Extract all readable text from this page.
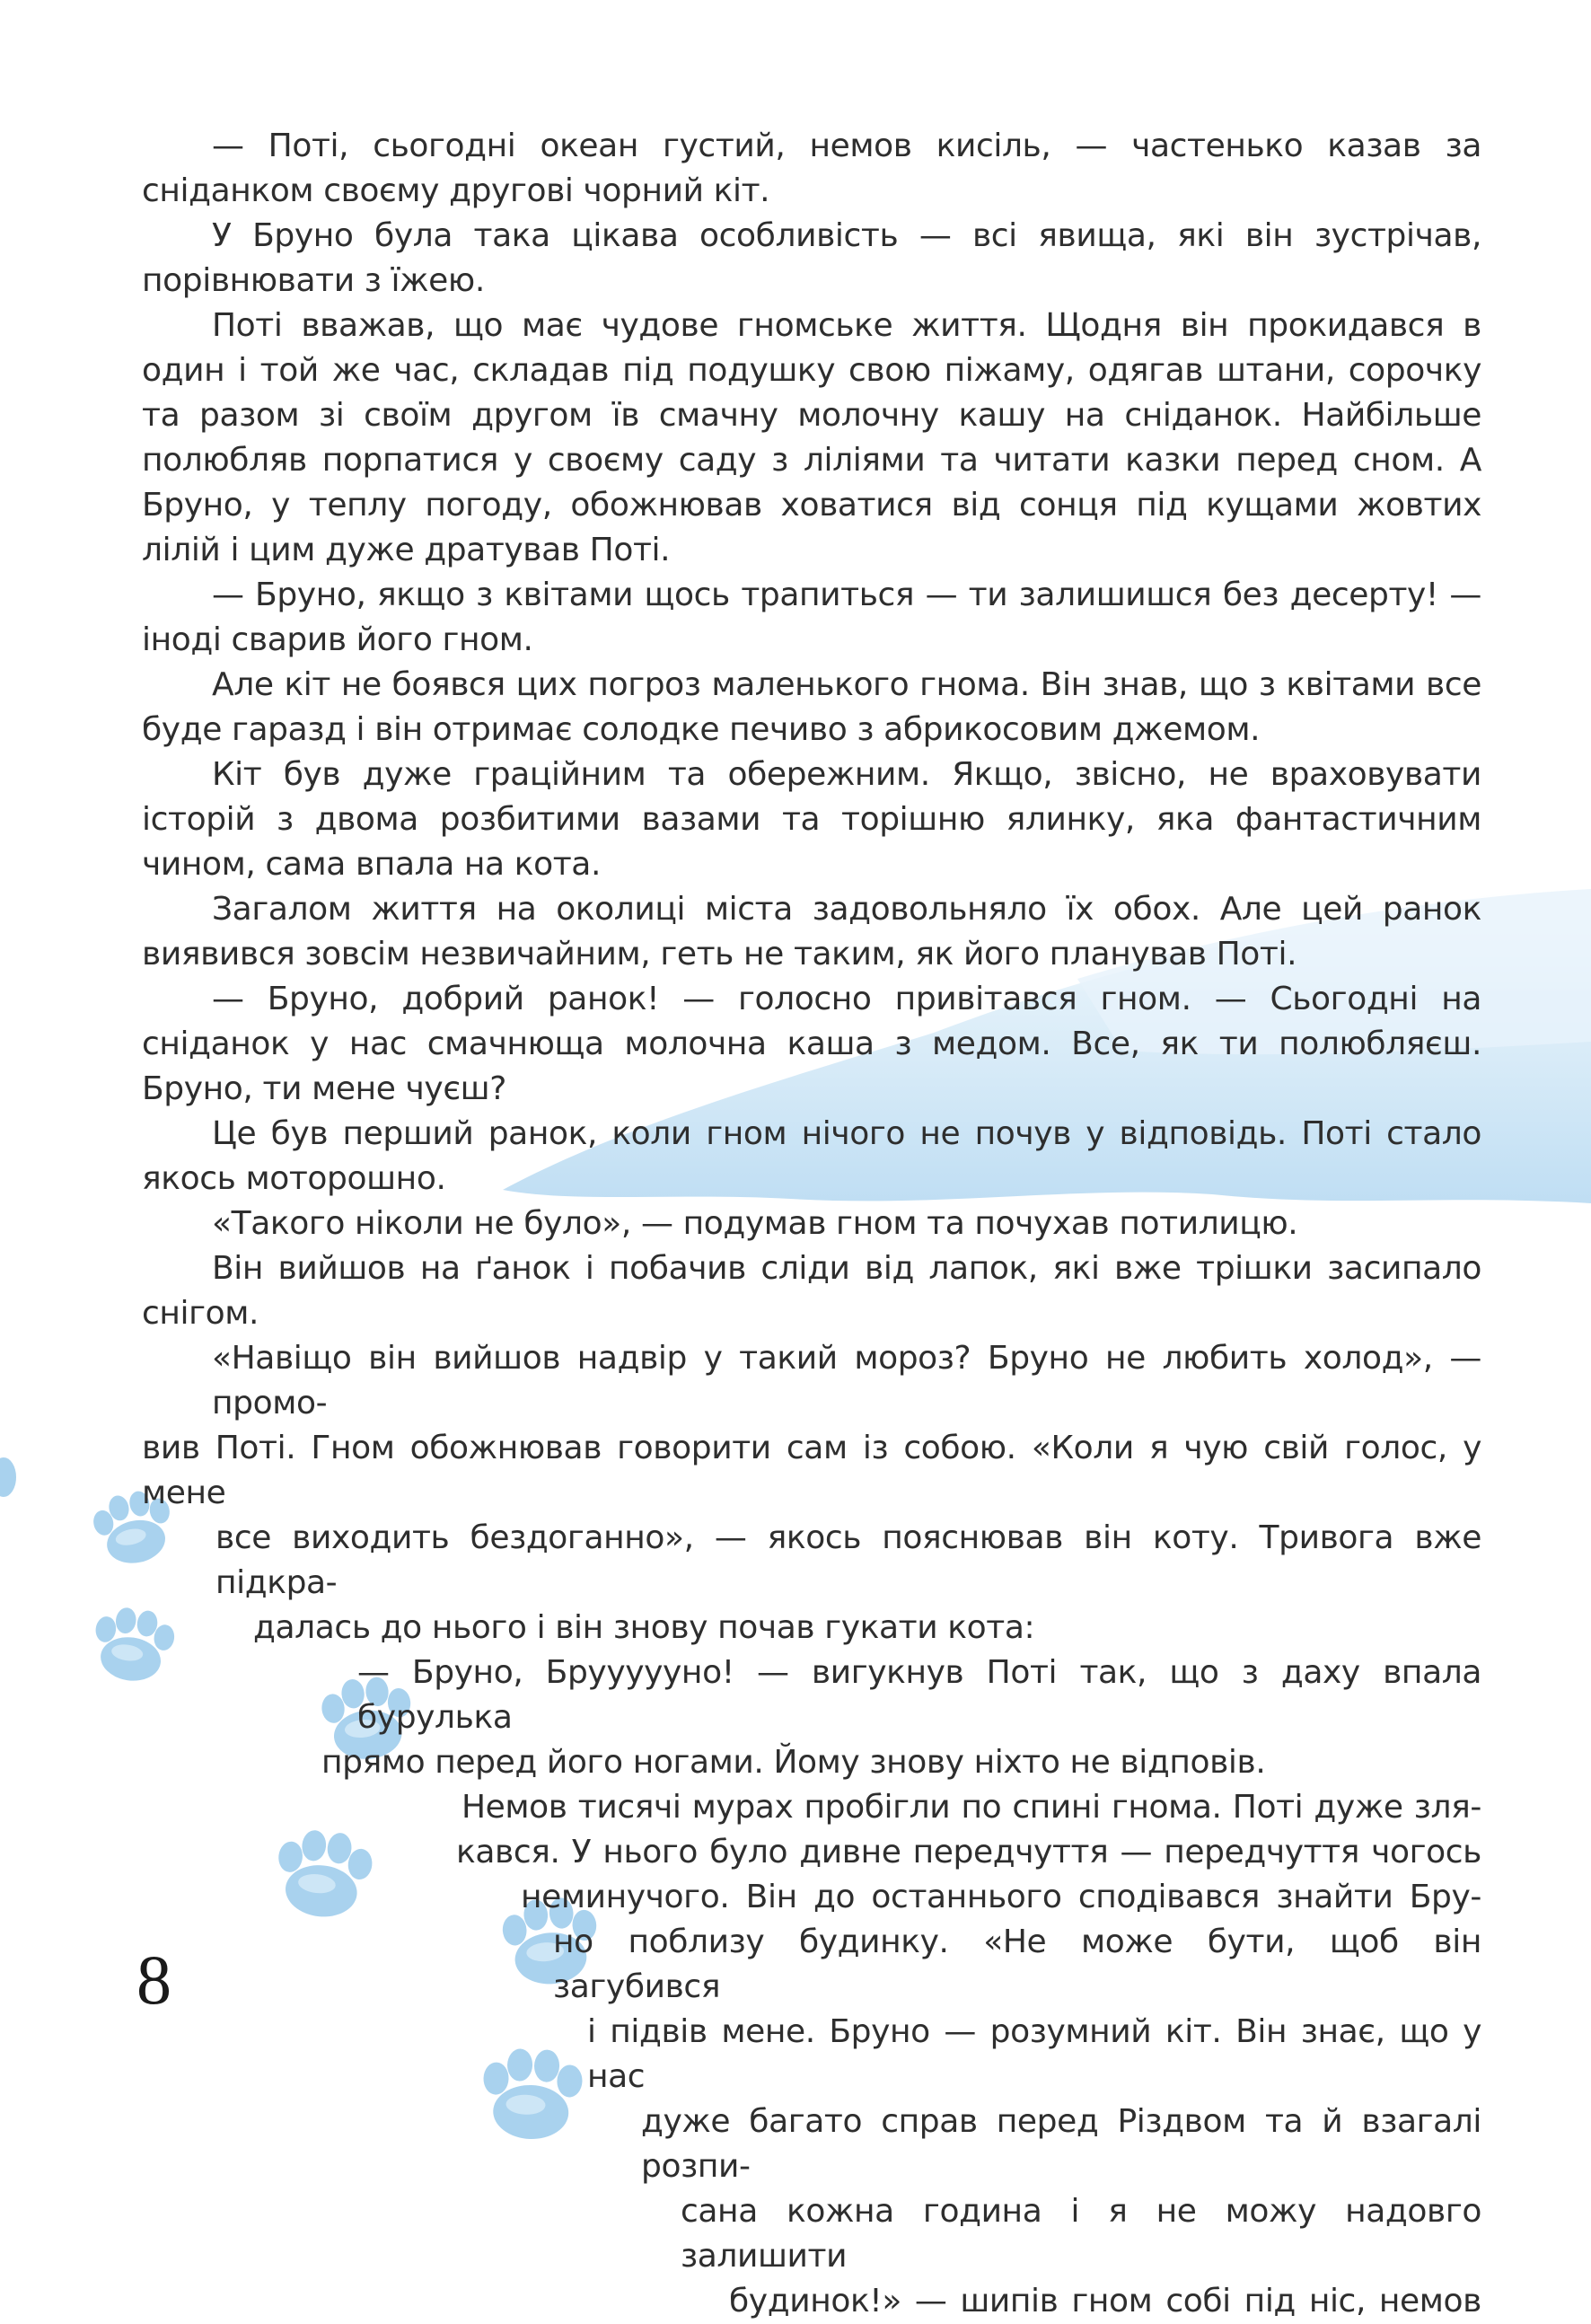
— Поті, сьогодні океан густий, немов кисіль, — частенько казав за сніданком своєму другові чорний кіт.

У Бруно була така цікава особливість — всі явища, які він зустрічав, порівнювати з їжею.

Поті вважав, що має чудове гномське життя. Щодня він прокидався в один і той же час, складав під подушку свою піжаму, одягав штани, сорочку та разом зі своїм другом їв смачну молочну кашу на сніданок. Найбільше полюбляв порпатися у своєму саду з ліліями та читати казки перед сном. А Бруно, у теплу погоду, обожнював ховатися від сонця під кущами жовтих лілій і цим дуже дратував Поті.

— Бруно, якщо з квітами щось трапиться — ти залишишся без десерту! — іноді сварив його гном.

Але кіт не боявся цих погроз маленького гнома. Він знав, що з квітами все буде гаразд і він отримає солодке печиво з абрикосовим джемом.

Кіт був дуже граційним та обережним. Якщо, звісно, не враховувати історій з двома розбитими вазами та торішню ялинку, яка фантастичним чином, сама впала на кота.

Загалом життя на околиці міста задовольняло їх обох. Але цей ранок виявився зовсім незвичайним, геть не таким, як його планував Поті.

— Бруно, добрий ранок! — голосно привітався гном. — Сьогодні на сніданок у нас смачнюща молочна каша з медом. Все, як ти полюбляєш. Бруно, ти мене чуєш?

Це був перший ранок, коли гном нічого не почув у відповідь. Поті стало якось моторошно.

«Такого ніколи не було», — подумав гном та почухав потилицю.

Він вийшов на ґанок і побачив сліди від лапок, які вже трішки засипало снігом.

«Навіщо він вийшов надвір у такий мороз? Бруно не любить холод», — промо-
вив Поті. Гном обожнював говорити сам із собою. «Коли я чую свій голос, у мене
все виходить бездоганно», — якось пояснював він коту. Тривога вже підкра-
далась до нього і він знову почав гукати кота:
— Бруно, Бруууууно! — вигукнув Поті так, що з даху впала бурулька
прямо перед його ногами. Йому знову ніхто не відповів.
Немов тисячі мурах пробігли по спині гнома. Поті дуже зля-
кався. У нього було дивне передчуття — передчуття чогось
неминучого. Він до останнього сподівався знайти Бру-
но поблизу будинку. «Не може бути, щоб він загубився
і підвів мене. Бруно — розумний кіт. Він знає, що у нас
дуже багато справ перед Різдвом та й взагалі розпи-
сана кожна година і я не можу надовго залишити
будинок!» — шипів гном собі під ніс, немов
8
